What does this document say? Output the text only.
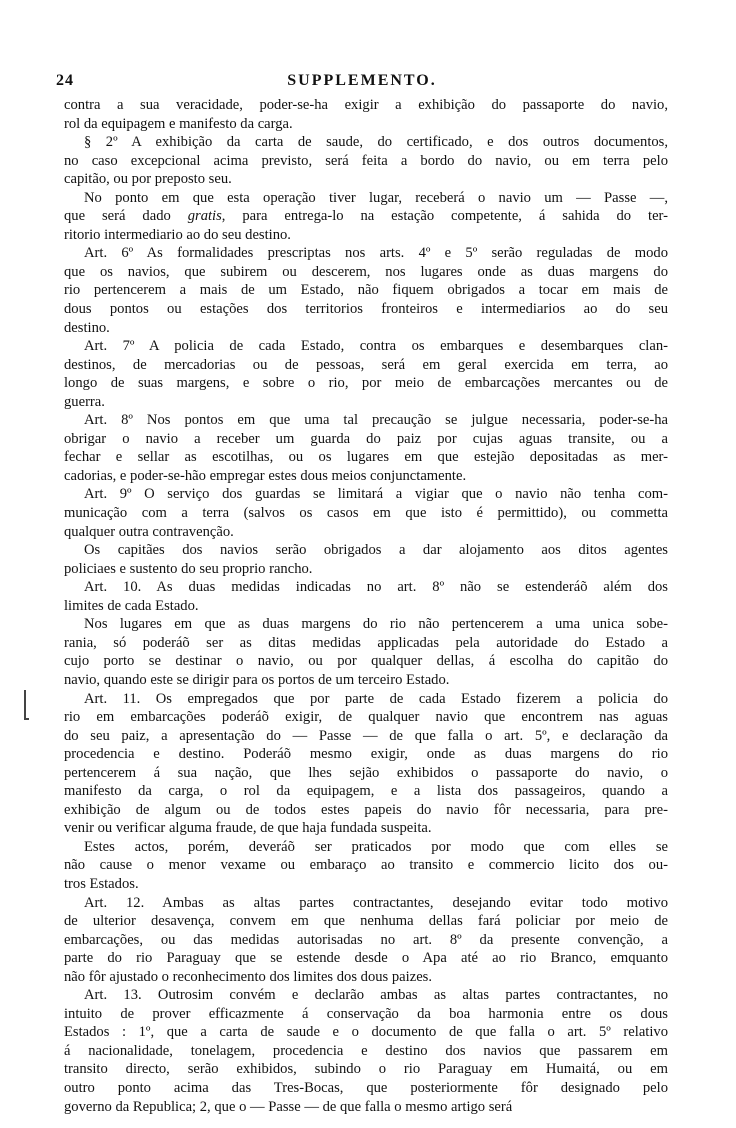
24	SUPPLEMENTO.
contra a sua veracidade, poder-se-ha exigir a exhibição do passaporte do navio,
rol da equipagem e manifesto da carga.
§ 2º A exhibição da carta de saude, do certificado, e dos outros documentos,
no caso excepcional acima previsto, será feita a bordo do navio, ou em terra pelo
capitão, ou por preposto seu.
No ponto em que esta operação tiver lugar, receberá o navio um — Passe —,
que será dado gratis, para entrega-lo na estação competente, á sahida do ter-
ritorio intermediario ao do seu destino.
Art. 6º As formalidades prescriptas nos arts. 4º e 5º serão reguladas de modo
que os navios, que subirem ou descerem, nos lugares onde as duas margens do
rio pertencerem a mais de um Estado, não fiquem obrigados a tocar em mais de
dous pontos ou estações dos territorios fronteiros e intermediarios ao do seu
destino.
Art. 7º A policia de cada Estado, contra os embarques e desembarques clan-
destinos, de mercadorias ou de pessoas, será em geral exercida em terra, ao
longo de suas margens, e sobre o rio, por meio de embarcações mercantes ou de
guerra.
Art. 8º Nos pontos em que uma tal precaução se julgue necessaria, poder-se-ha
obrigar o navio a receber um guarda do paiz por cujas aguas transite, ou a
fechar e sellar as escotilhas, ou os lugares em que estejão depositadas as mer-
cadorias, e poder-se-hão empregar estes dous meios conjunctamente.
Art. 9º O serviço dos guardas se limitará a vigiar que o navio não tenha com-
municação com a terra (salvos os casos em que isto é permittido), ou commetta
qualquer outra contravenção.
Os capitães dos navios serão obrigados a dar alojamento aos ditos agentes
policiaes e sustento do seu proprio rancho.
Art. 10. As duas medidas indicadas no art. 8º não se estenderáõ além dos
limites de cada Estado.
Nos lugares em que as duas margens do rio não pertencerem a uma unica sobe-
rania, só poderáõ ser as ditas medidas applicadas pela autoridade do Estado a
cujo porto se destinar o navio, ou por qualquer dellas, á escolha do capitão do
navio, quando este se dirigir para os portos de um terceiro Estado.
Art. 11. Os empregados que por parte de cada Estado fizerem a policia do
rio em embarcações poderáõ exigir, de qualquer navio que encontrem nas aguas
do seu paiz, a apresentação do — Passe — de que falla o art. 5º, e declaração da
procedencia e destino. Poderáõ mesmo exigir, onde as duas margens do rio
pertencerem á sua nação, que lhes sejão exhibidos o passaporte do navio, o
manifesto da carga, o rol da equipagem, e a lista dos passageiros, quando a
exhibição de algum ou de todos estes papeis do navio fôr necessaria, para pre-
venir ou verificar alguma fraude, de que haja fundada suspeita.
Estes actos, porém, deveráõ ser praticados por modo que com elles se
não cause o menor vexame ou embaraço ao transito e commercio licito dos ou-
tros Estados.
Art. 12. Ambas as altas partes contractantes, desejando evitar todo motivo
de ulterior desavença, convem em que nenhuma dellas fará policiar por meio de
embarcações, ou das medidas autorisadas no art. 8º da presente convenção, a
parte do rio Paraguay que se estende desde o Apa até ao rio Branco, emquanto
não fôr ajustado o reconhecimento dos limites dos dous paizes.
Art. 13. Outrosim convém e declarão ambas as altas partes contractantes, no
intuito de prover efficazmente á conservação da boa harmonia entre os dous
Estados : 1º, que a carta de saude e o documento de que falla o art. 5º relativo
á nacionalidade, tonelagem, procedencia e destino dos navios que passarem em
transito directo, serão exhibidos, subindo o rio Paraguay em Humaitá, ou em
outro ponto acima das Tres-Bocas, que posteriormente fôr designado pelo
governo da Republica; 2, que o — Passe — de que falla o mesmo artigo será
